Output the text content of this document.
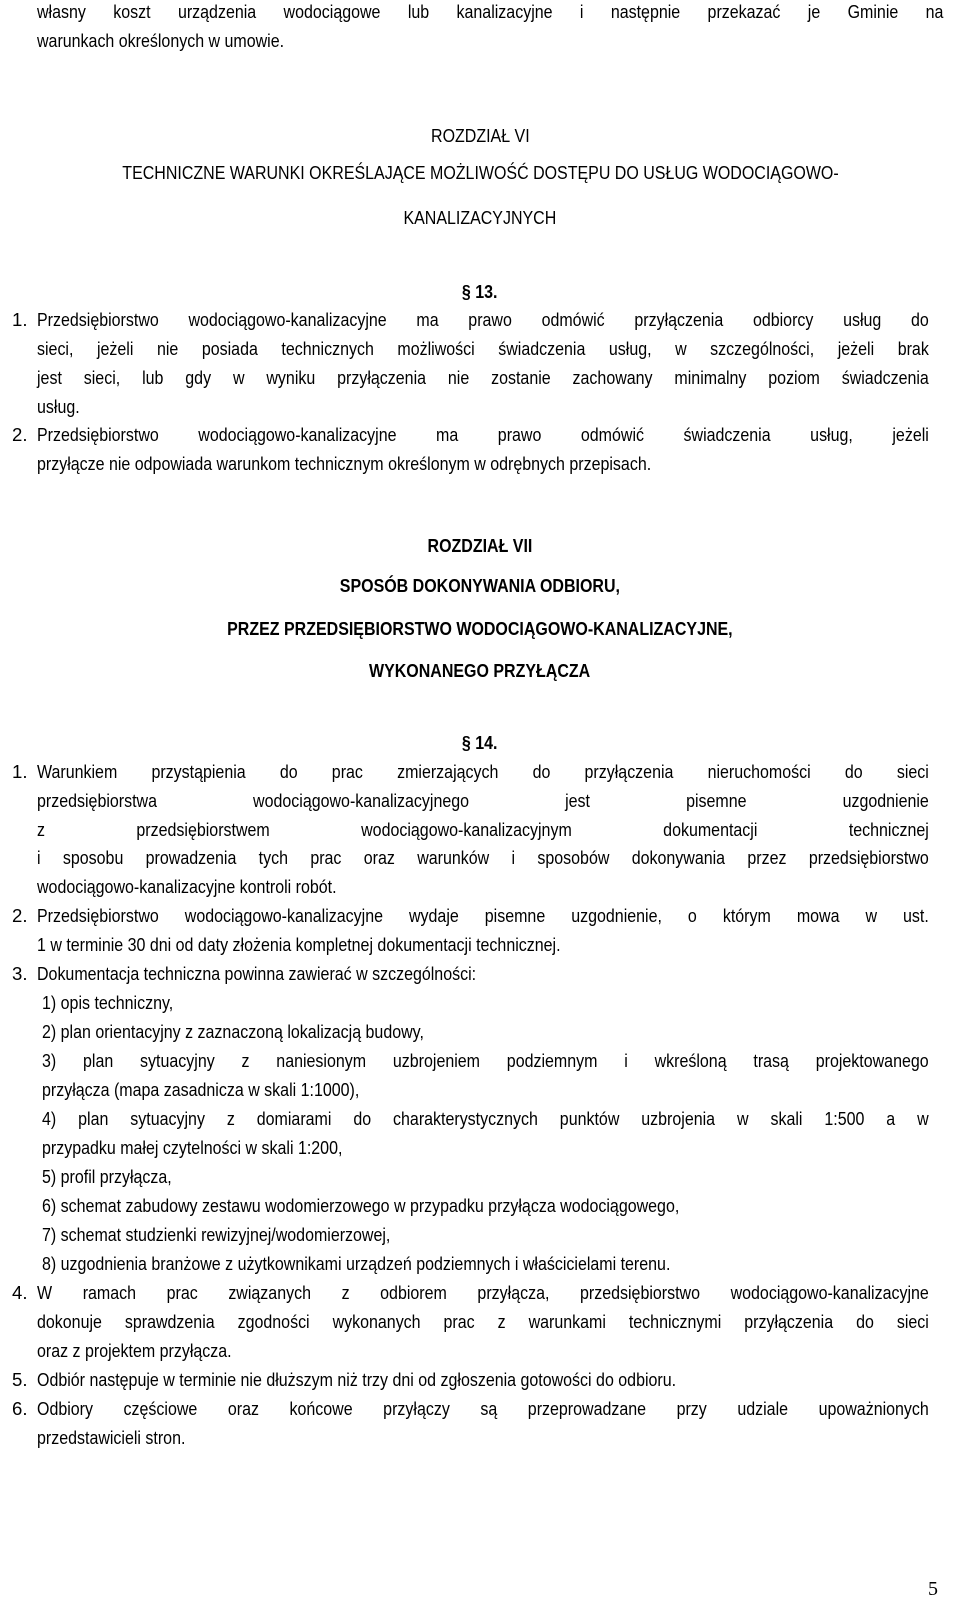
własny koszt urządzenia wodociągowe lub kanalizacyjne i następnie przekazać je Gminie na
warunkach określonych w umowie.
ROZDZIAŁ VI
TECHNICZNE WARUNKI OKREŚLAJĄCE MOŻLIWOŚĆ DOSTĘPU DO USŁUG WODOCIĄGOWO-
KANALIZACYJNYCH
§ 13.
1. Przedsiębiorstwo wodociągowo-kanalizacyjne ma prawo odmówić przyłączenia odbiorcy usług do
sieci, jeżeli nie posiada technicznych możliwości świadczenia usług, w szczególności, jeżeli brak
jest sieci, lub gdy w wyniku przyłączenia nie zostanie zachowany minimalny poziom świadczenia
usług.
2. Przedsiębiorstwo wodociągowo-kanalizacyjne ma prawo odmówić świadczenia usług, jeżeli
przyłącze nie odpowiada warunkom technicznym określonym w odrębnych przepisach.
ROZDZIAŁ VII
SPOSÓB DOKONYWANIA ODBIORU,
PRZEZ PRZEDSIĘBIORSTWO WODOCIĄGOWO-KANALIZACYJNE,
WYKONANEGO PRZYŁĄCZA
§ 14.
1. Warunkiem przystąpienia do prac zmierzających do przyłączenia nieruchomości do sieci
przedsiębiorstwa wodociągowo-kanalizacyjnego jest pisemne uzgodnienie
z przedsiębiorstwem wodociągowo-kanalizacyjnym dokumentacji technicznej
i sposobu prowadzenia tych prac oraz warunków i sposobów dokonywania przez przedsiębiorstwo
wodociągowo-kanalizacyjne kontroli robót.
2. Przedsiębiorstwo wodociągowo-kanalizacyjne wydaje pisemne uzgodnienie, o którym mowa w ust.
1 w terminie 30 dni od daty złożenia kompletnej dokumentacji technicznej.
3. Dokumentacja techniczna powinna zawierać w szczególności:
1) opis techniczny,
2) plan orientacyjny z zaznaczoną lokalizacją budowy,
3) plan sytuacyjny z naniesionym uzbrojeniem podziemnym i wkreśloną trasą projektowanego
przyłącza (mapa zasadnicza w skali 1:1000),
4) plan sytuacyjny z domiarami do charakterystycznych punktów uzbrojenia w skali 1:500 a w
przypadku małej czytelności w skali 1:200,
5) profil przyłącza,
6) schemat zabudowy zestawu wodomierzowego w przypadku przyłącza wodociągowego,
7) schemat studzienki rewizyjnej/wodomierzowej,
8) uzgodnienia branżowe z użytkownikami urządzeń podziemnych i właścicielami terenu.
4. W ramach prac związanych z odbiorem przyłącza, przedsiębiorstwo wodociągowo-kanalizacyjne
dokonuje sprawdzenia zgodności wykonanych prac z warunkami technicznymi przyłączenia do sieci
oraz z projektem przyłącza.
5. Odbiór następuje w terminie nie dłuższym niż trzy dni od zgłoszenia gotowości do odbioru.
6. Odbiory częściowe oraz końcowe przyłączy są przeprowadzane przy udziale upoważnionych
przedstawicieli stron.
5
